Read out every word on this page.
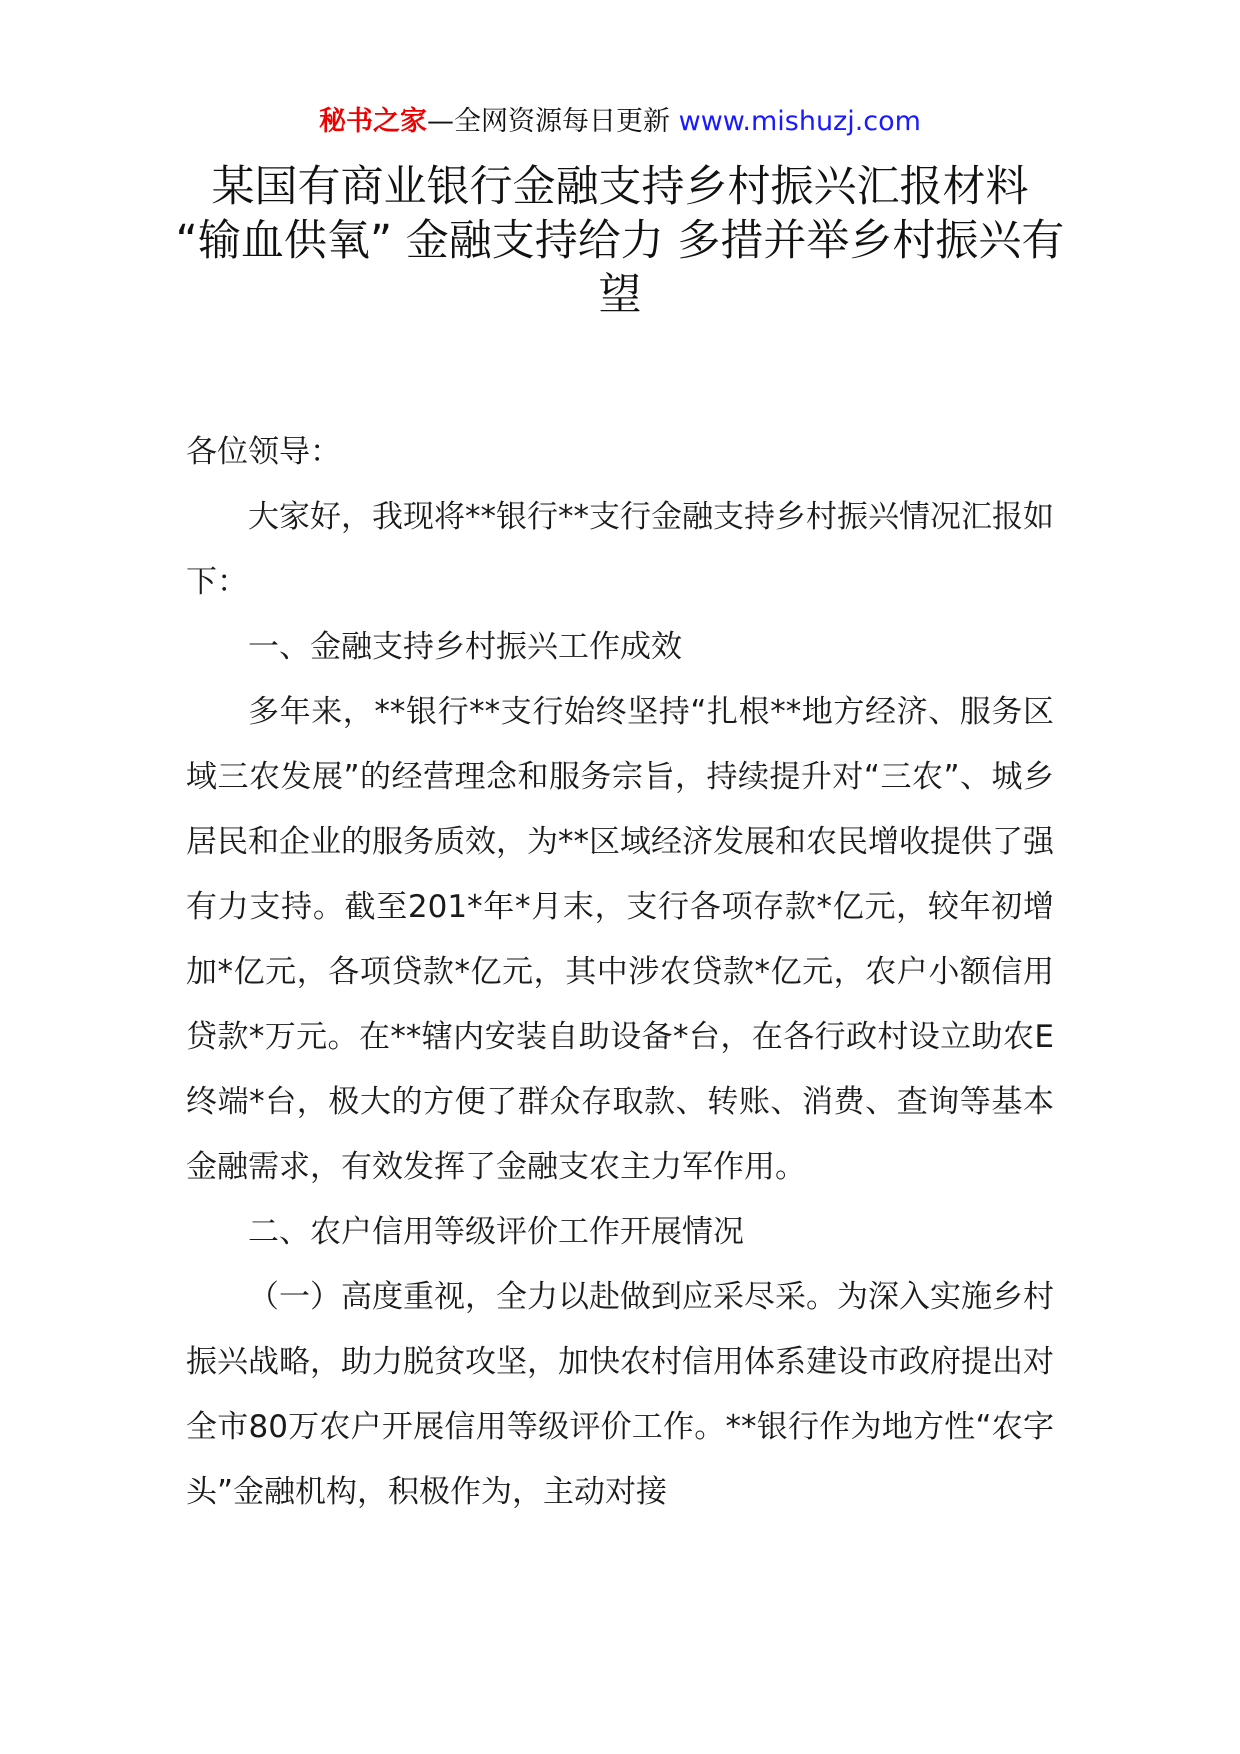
秘书之家—全网资源每日更新 www.mishuzj.com

某国有商业银行金融支持乡村振兴汇报材料

“输血供氧” 金融支持给力 多措并举乡村振兴有望

各位领导：

大家好，我现将**银行**支行金融支持乡村振兴情况汇报如下：

一、金融支持乡村振兴工作成效

多年来，**银行**支行始终坚持“扎根**地方经济、服务区域三农发展”的经营理念和服务宗旨，持续提升对“三农”、城乡居民和企业的服务质效，为**区域经济发展和农民增收提供了强有力支持。截至201*年*月末，支行各项存款*亿元，较年初增加*亿元，各项贷款*亿元，其中涉农贷款*亿元，农户小额信用贷款*万元。在**辖内安装自助设备*台，在各行政村设立助农E终端*台，极大的方便了群众存取款、转账、消费、查询等基本金融需求，有效发挥了金融支农主力军作用。

二、农户信用等级评价工作开展情况

（一）高度重视，全力以赴做到应采尽采。为深入实施乡村振兴战略，助力脱贫攻坚，加快农村信用体系建设市政府提出对全市80万农户开展信用等级评价工作。**银行作为地方性“农字头”金融机构，积极作为，主动对接
